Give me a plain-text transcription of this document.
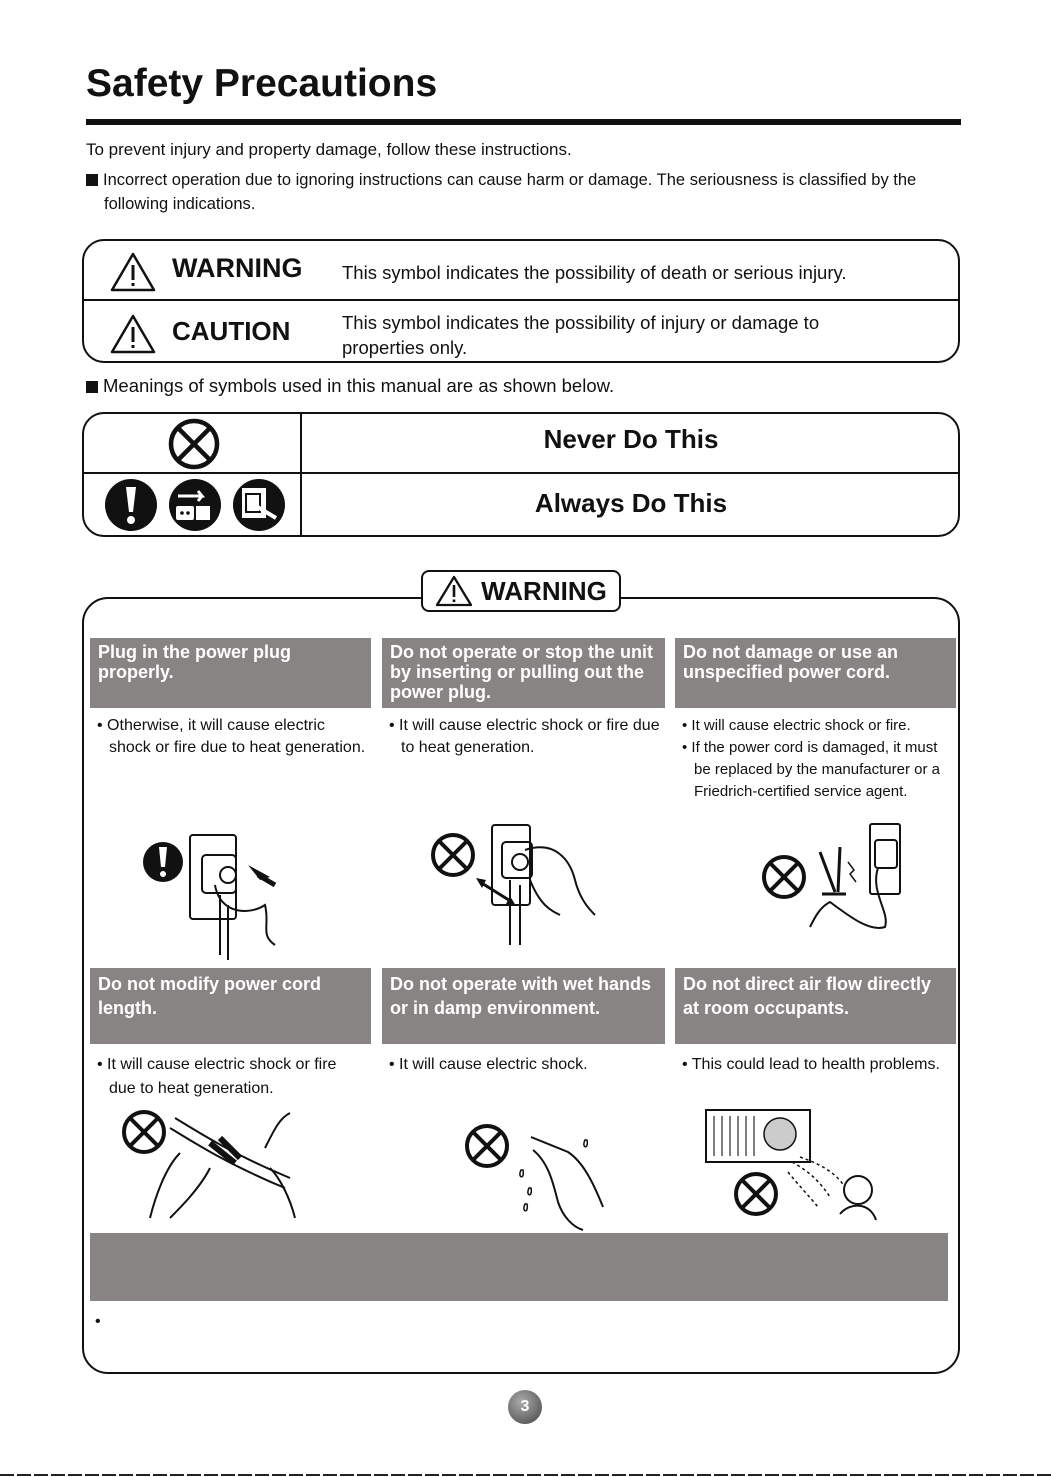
Safety Precautions
To prevent injury and property damage, follow these instructions.
Incorrect operation due to ignoring instructions can cause harm or damage. The seriousness is classified by the following indications.
WARNING This symbol indicates the possibility of death or serious injury.
CAUTION	This symbol indicates the possibility of injury or damage to properties only.
Meanings of symbols used in this manual are as shown below.
Never Do This
Always Do This
WARNING
Plug in the power plug properly.
Do not operate or stop the unit by inserting or pulling out the power plug.
Do not damage or use an unspecified power cord.
• Otherwise, it will cause electric shock or fire due to heat generation.
• It will cause electric shock or fire due to heat generation.
• It will cause electric shock or fire.
• If the power cord is damaged, it must be replaced by the manufacturer or a Friedrich-certified service agent.
Do not modify power cord length.
Do not operate with wet hands or in damp environment.
Do not direct air flow directly at room occupants.
• It will cause electric shock or fire due to heat generation.
• It will cause electric shock.	• This could lead to health problems.
•
3
